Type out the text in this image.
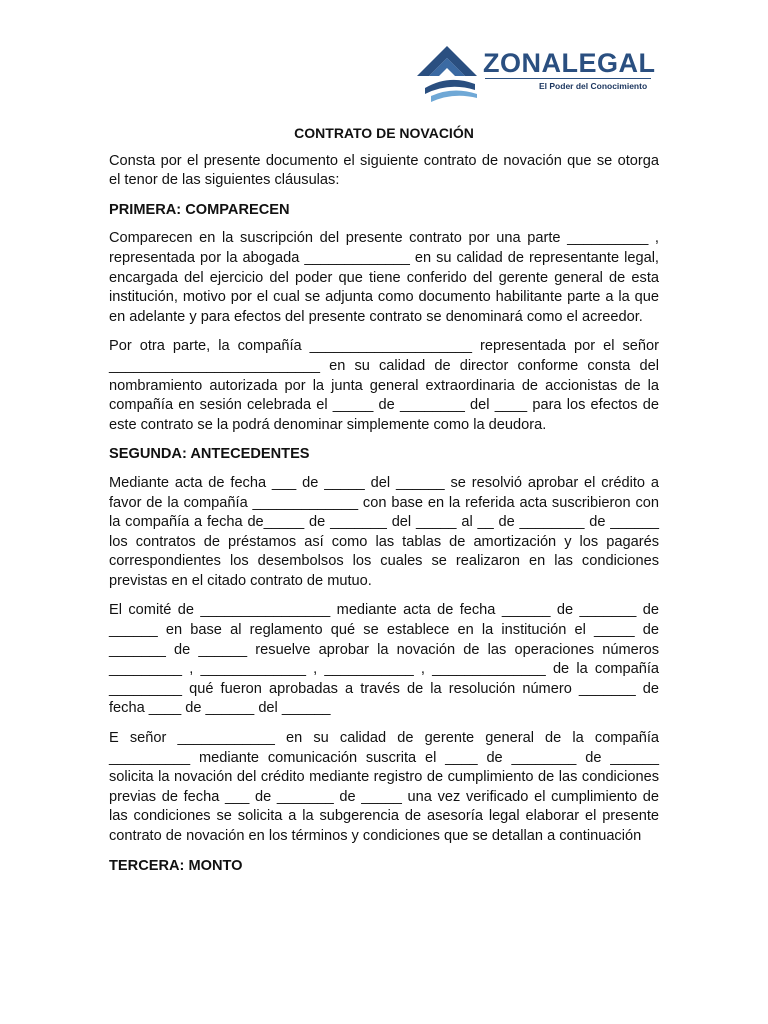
ZONALEGAL
El Poder del Conocimiento
CONTRATO DE NOVACIÓN

Consta por el presente documento el siguiente contrato de novación que se otorga el tenor de las siguientes cláusulas:

PRIMERA: COMPARECEN

Comparecen en la suscripción del presente contrato por una parte __________ , representada por la abogada _____________ en su calidad de representante legal, encargada del ejercicio del poder que tiene conferido del gerente general de esta institución, motivo por el cual se adjunta como documento habilitante parte a la que en adelante y para efectos del presente contrato se denominará como el acreedor.

Por otra parte, la compañía ____________________ representada por el señor __________________________ en su calidad de director conforme consta del nombramiento autorizada por la junta general extraordinaria de accionistas de la compañía en sesión celebrada el _____ de ________ del ____ para los efectos de este contrato se la podrá denominar simplemente como la deudora.

SEGUNDA: ANTECEDENTES

Mediante acta de fecha ___ de _____ del ______ se resolvió aprobar el crédito a favor de la compañía _____________ con base en la referida acta suscribieron con la compañía a fecha de_____ de _______ del _____ al __ de ________ de ______ los contratos de préstamos así como las tablas de amortización y los pagarés correspondientes los desembolsos los cuales se realizaron en las condiciones previstas en el citado contrato de mutuo.

El comité de ________________ mediante acta de fecha ______ de _______ de ______ en base al reglamento qué se establece en la institución el _____ de _______ de ______ resuelve aprobar la novación de las operaciones números _________ , _____________ , ___________ , ______________ de la compañía _________ qué fueron aprobadas a través de la resolución número _______ de fecha ____ de ______ del ______

E señor ____________ en su calidad de gerente general de la compañía __________ mediante comunicación suscrita el ____ de ________ de ______ solicita la novación del crédito mediante registro de cumplimiento de las condiciones previas de fecha ___ de _______ de _____ una vez verificado el cumplimiento de las condiciones se solicita a la subgerencia de asesoría legal elaborar el presente contrato de novación en los términos y condiciones que se detallan a continuación

TERCERA: MONTO
